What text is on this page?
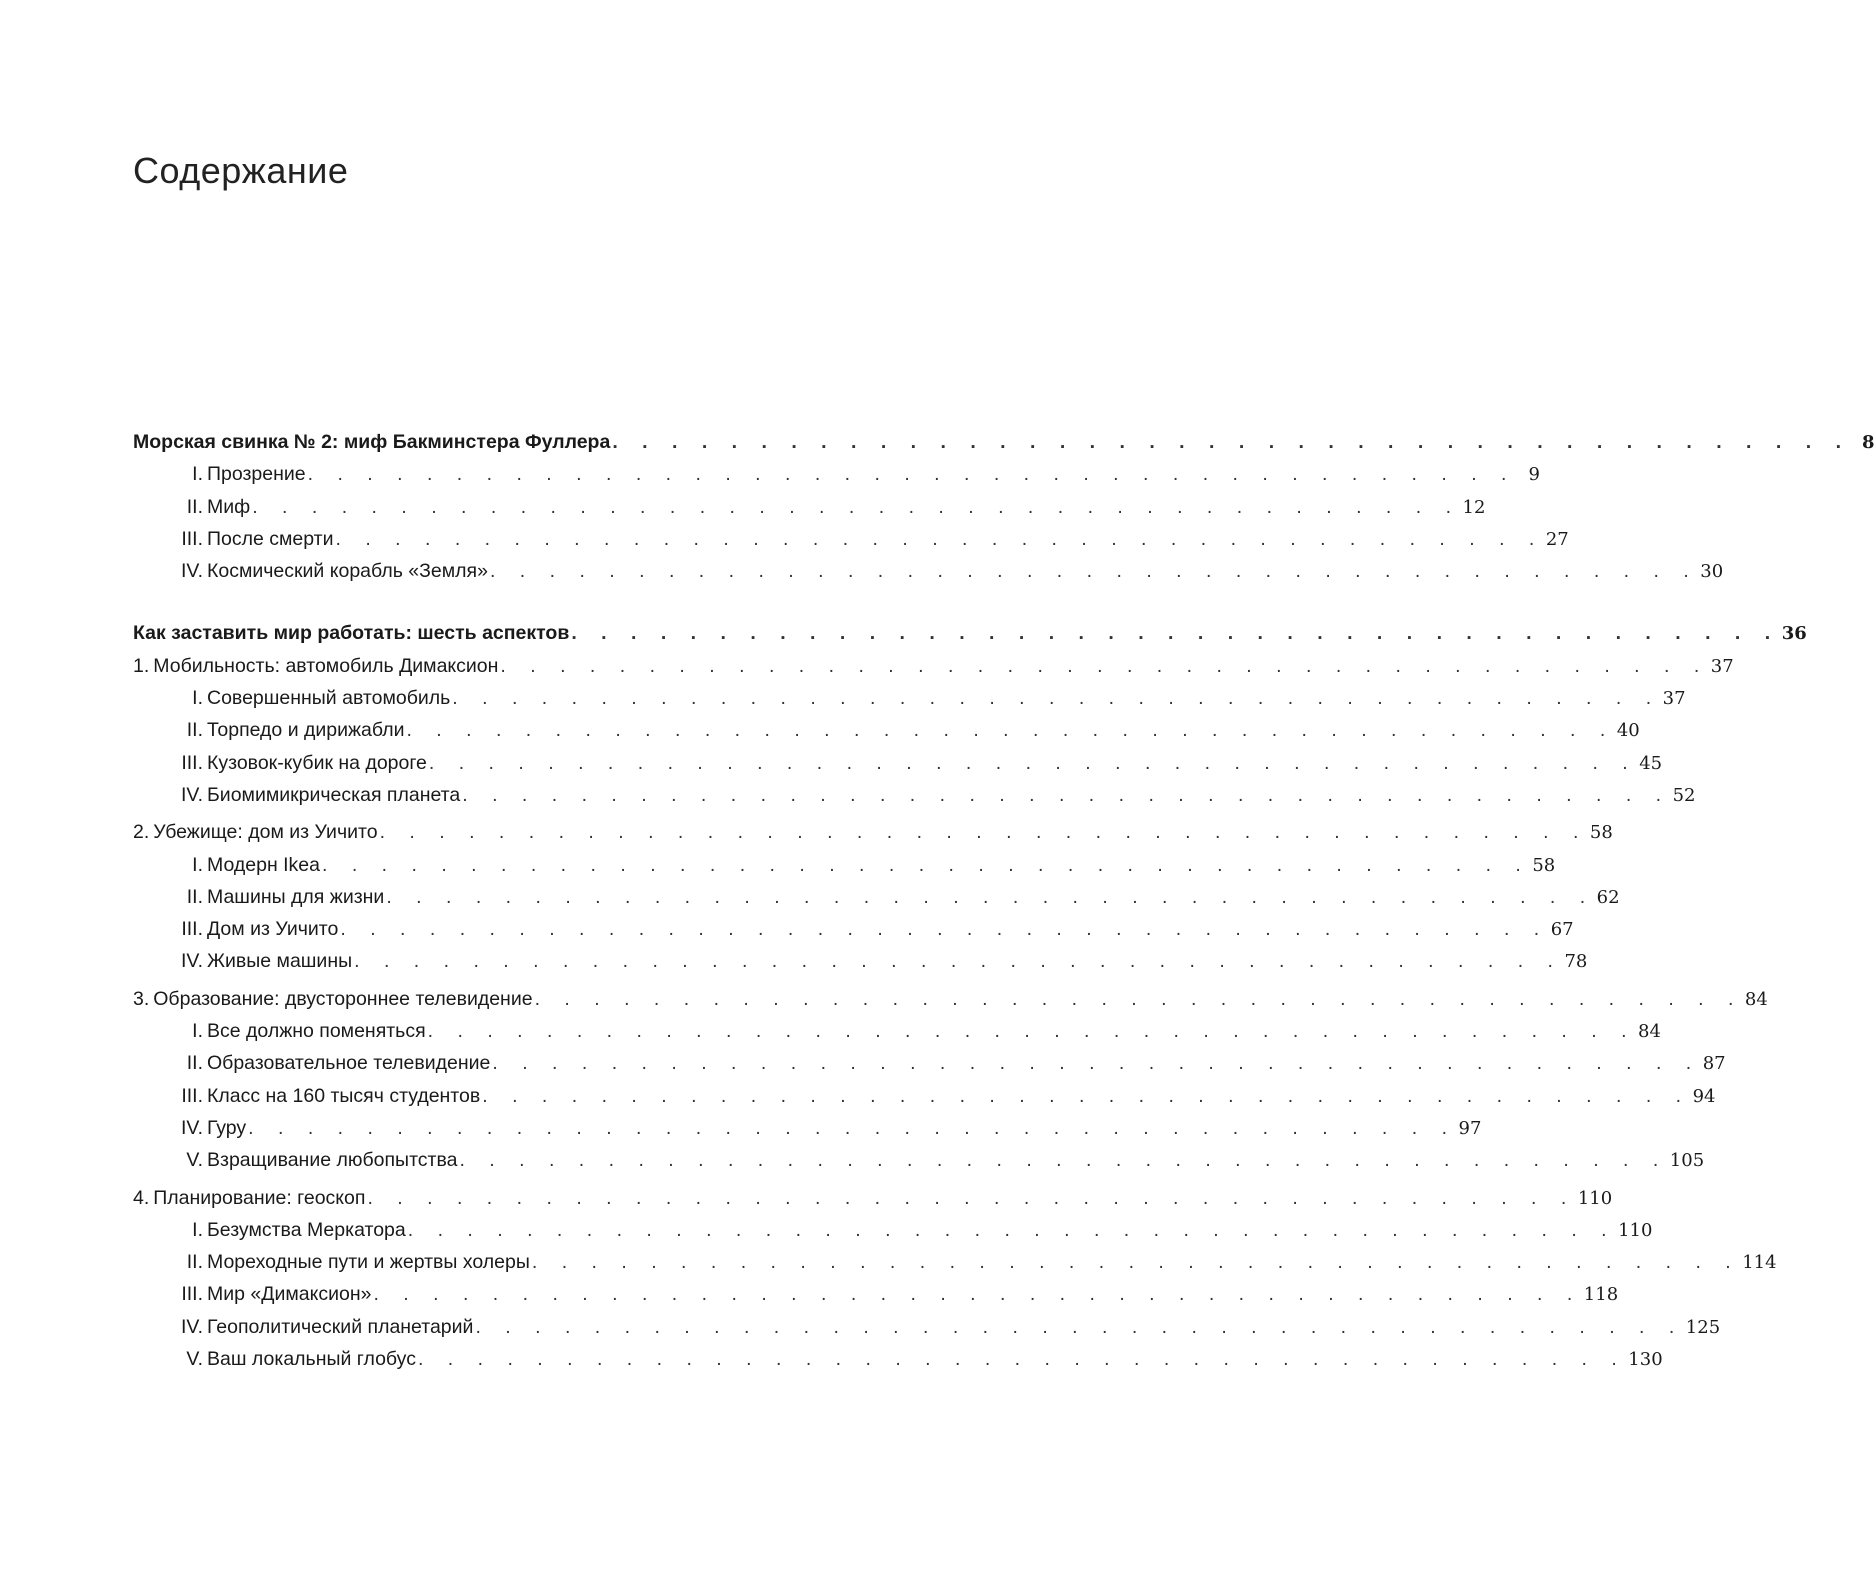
Содержание
Морская свинка № 2: миф Бакминстера Фуллера . . . . . . . . . . . . . . . . . . . . . . . . . . . . . . . . . . . . . . . . . . 8
I. Прозрение . . . . . . . . . . . . . . . . . . . . . . . . . . . . . . . . . . . . . . . . . 9
II. Миф . . . . . . . . . . . . . . . . . . . . . . . . . . . . . . . . . . . . . . . . . 12
III. После смерти . . . . . . . . . . . . . . . . . . . . . . . . . . . . . . . . . . . . . . . . . 27
IV. Космический корабль «Земля» . . . . . . . . . . . . . . . . . . . . . . . . . . . . . . . . . . . . . . . . . 30
Как заставить мир работать: шесть аспектов . . . . . . . . . . . . . . . . . . . . . . . . . . . . . . . . . . . . . . . . . 36
1. Мобильность: автомобиль Димаксион . . . . . . . . . . . . . . . . . . . . . . . . . . . . . . . . . . . . . . . . . 37
I. Совершенный автомобиль . . . . . . . . . . . . . . . . . . . . . . . . . . . . . . . . . . . . . . . . . 37
II. Торпедо и дирижабли . . . . . . . . . . . . . . . . . . . . . . . . . . . . . . . . . . . . . . . . . 40
III. Кузовок-кубик на дороге . . . . . . . . . . . . . . . . . . . . . . . . . . . . . . . . . . . . . . . . . 45
IV. Биомимикрическая планета . . . . . . . . . . . . . . . . . . . . . . . . . . . . . . . . . . . . . . . . . 52
2. Убежище: дом из Уичито . . . . . . . . . . . . . . . . . . . . . . . . . . . . . . . . . . . . . . . . . 58
I. Модерн Ikea . . . . . . . . . . . . . . . . . . . . . . . . . . . . . . . . . . . . . . . . . 58
II. Машины для жизни . . . . . . . . . . . . . . . . . . . . . . . . . . . . . . . . . . . . . . . . . 62
III. Дом из Уичито . . . . . . . . . . . . . . . . . . . . . . . . . . . . . . . . . . . . . . . . . 67
IV. Живые машины . . . . . . . . . . . . . . . . . . . . . . . . . . . . . . . . . . . . . . . . . 78
3. Образование: двустороннее телевидение . . . . . . . . . . . . . . . . . . . . . . . . . . . . . . . . . . . . . . . . . 84
I. Все должно поменяться . . . . . . . . . . . . . . . . . . . . . . . . . . . . . . . . . . . . . . . . . 84
II. Образовательное телевидение . . . . . . . . . . . . . . . . . . . . . . . . . . . . . . . . . . . . . . . . . 87
III. Класс на 160 тысяч студентов . . . . . . . . . . . . . . . . . . . . . . . . . . . . . . . . . . . . . . . . . 94
IV. Гуру . . . . . . . . . . . . . . . . . . . . . . . . . . . . . . . . . . . . . . . . . 97
V. Взращивание любопытства . . . . . . . . . . . . . . . . . . . . . . . . . . . . . . . . . . . . . . . . . 105
4. Планирование: геоскоп . . . . . . . . . . . . . . . . . . . . . . . . . . . . . . . . . . . . . . . . . 110
I. Безумства Меркатора . . . . . . . . . . . . . . . . . . . . . . . . . . . . . . . . . . . . . . . . . 110
II. Мореходные пути и жертвы холеры . . . . . . . . . . . . . . . . . . . . . . . . . . . . . . . . . . . . . . . . . 114
III. Мир «Димаксион» . . . . . . . . . . . . . . . . . . . . . . . . . . . . . . . . . . . . . . . . . 118
IV. Геополитический планетарий . . . . . . . . . . . . . . . . . . . . . . . . . . . . . . . . . . . . . . . . . 125
V. Ваш локальный глобус . . . . . . . . . . . . . . . . . . . . . . . . . . . . . . . . . . . . . . . . . 130
